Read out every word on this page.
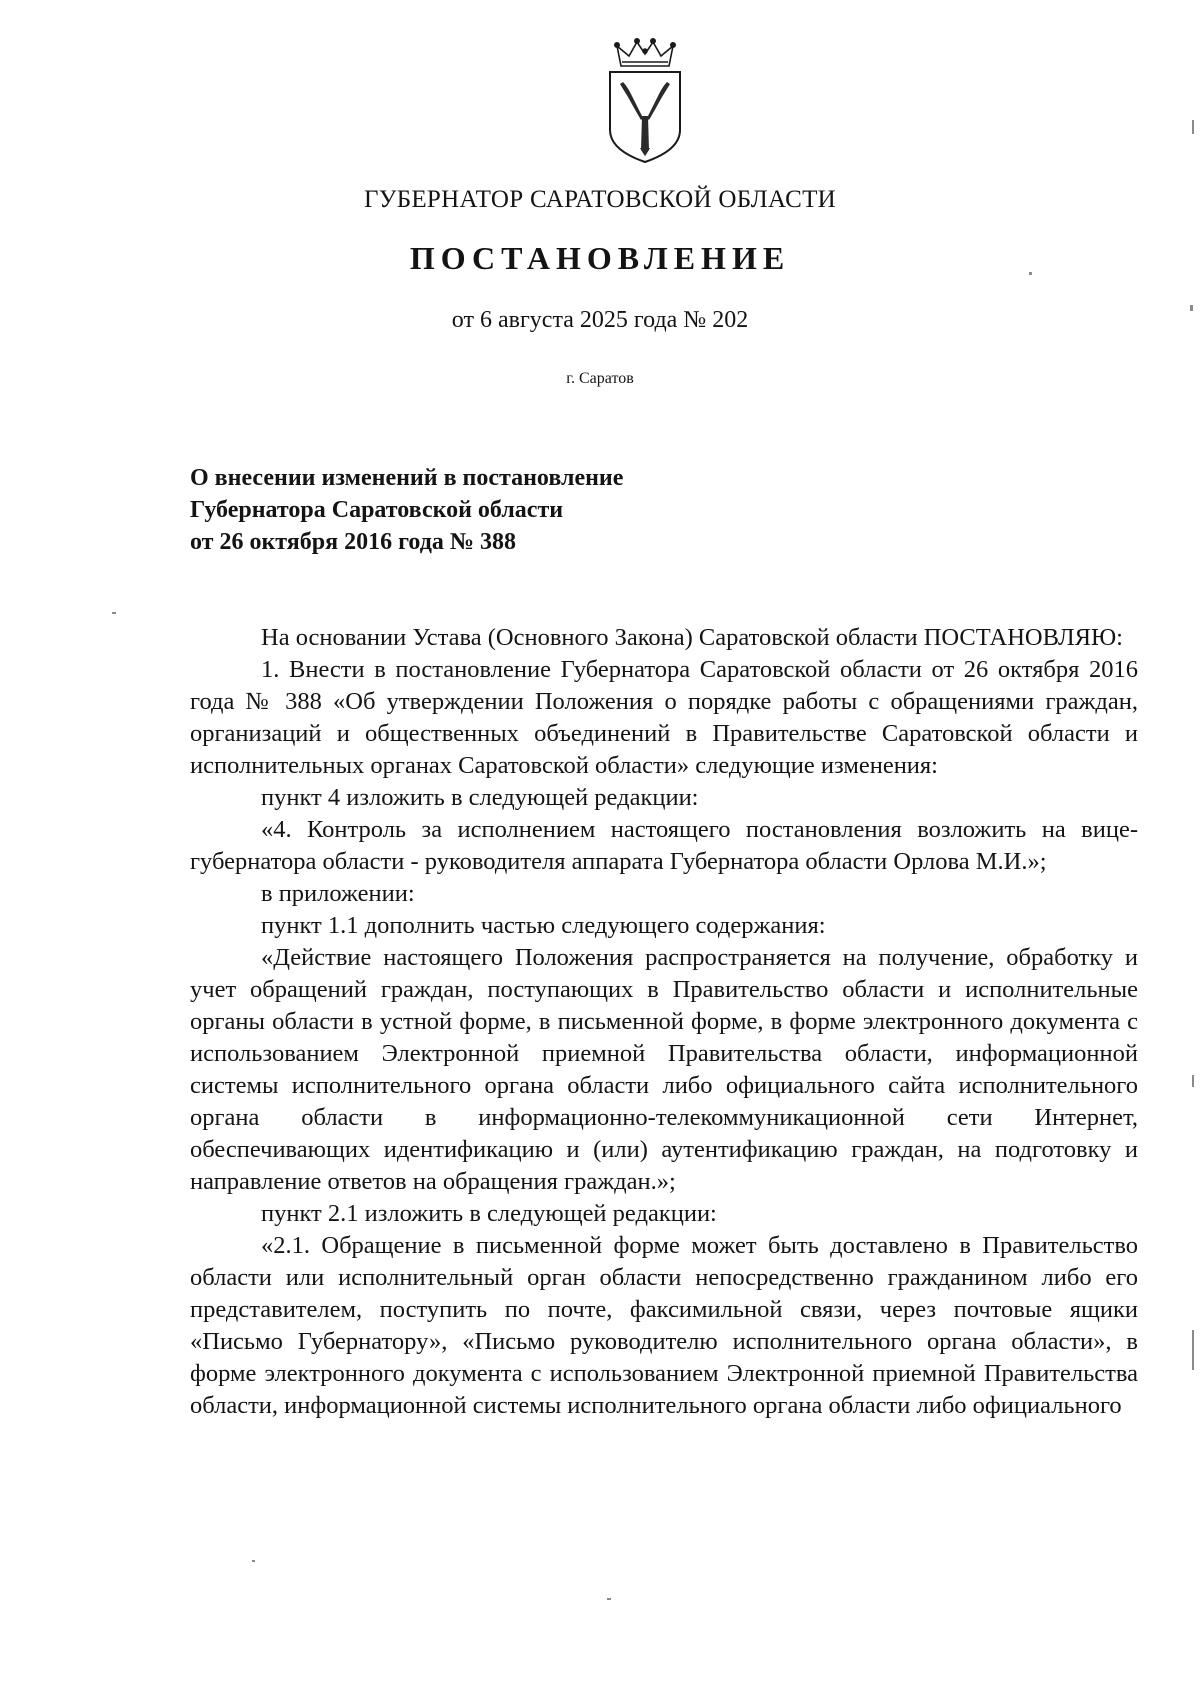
ГУБЕРНАТОР САРАТОВСКОЙ ОБЛАСТИ
ПОСТАНОВЛЕНИЕ
от 6 августа 2025 года № 202
г. Саратов
О внесении изменений в постановление
Губернатора Саратовской области
от 26 октября 2016 года № 388

На основании Устава (Основного Закона) Саратовской области ПОСТАНОВЛЯЮ:

1. Внести в постановление Губернатора Саратовской области от 26 октября 2016 года № 388 «Об утверждении Положения о порядке работы с обращениями граждан, организаций и общественных объединений в Правительстве Саратовской области и исполнительных органах Саратовской области» следующие изменения:

пункт 4 изложить в следующей редакции:

«4. Контроль за исполнением настоящего постановления возложить на вице-губернатора области - руководителя аппарата Губернатора области Орлова М.И.»;

в приложении:

пункт 1.1 дополнить частью следующего содержания:

«Действие настоящего Положения распространяется на получение, обработку и учет обращений граждан, поступающих в Правительство области и исполнительные органы области в устной форме, в письменной форме, в форме электронного документа с использованием Электронной приемной Правительства области, информационной системы исполнительного органа области либо официального сайта исполнительного органа области в информационно-телекоммуникационной сети Интернет, обеспечивающих идентификацию и (или) аутентификацию граждан, на подготовку и направление ответов на обращения граждан.»;

пункт 2.1 изложить в следующей редакции:

«2.1. Обращение в письменной форме может быть доставлено в Правительство области или исполнительный орган области непосредственно гражданином либо его представителем, поступить по почте, факсимильной связи, через почтовые ящики «Письмо Губернатору», «Письмо руководителю исполнительного органа области», в форме электронного документа с использованием Электронной приемной Правительства области, информационной системы исполнительного органа области либо официального
